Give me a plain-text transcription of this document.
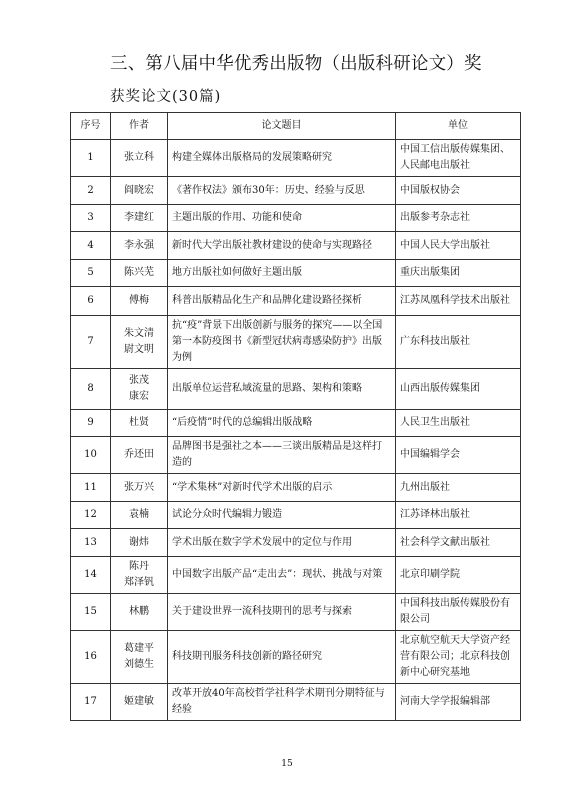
三、第八届中华优秀出版物（出版科研论文）奖
获奖论文(30篇)
序号	作者	论文题目	单位
1	张立科	构建全媒体出版格局的发展策略研究	中国工信出版传媒集团、人民邮电出版社
2	阎晓宏	《著作权法》颁布30年：历史、经验与反思	中国版权协会
3	李建红	主题出版的作用、功能和使命	出版参考杂志社
4	李永强	新时代大学出版社教材建设的使命与实现路径	中国人民大学出版社
5	陈兴芜	地方出版社如何做好主题出版	重庆出版集团
6	傅梅	科普出版精品化生产和品牌化建设路径探析	江苏凤凰科学技术出版社
7	朱文清
尉文明	抗“疫”背景下出版创新与服务的探究——以全国第一本防疫图书《新型冠状病毒感染防护》出版为例	广东科技出版社
8	张茂
康宏	出版单位运营私域流量的思路、架构和策略	山西出版传媒集团
9	杜贤	“后疫情”时代的总编辑出版战略	人民卫生出版社
10	乔还田	品牌图书是强社之本——三谈出版精品是这样打造的	中国编辑学会
11	张万兴	“学术集林”对新时代学术出版的启示	九州出版社
12	袁楠	试论分众时代编辑力锻造	江苏译林出版社
13	谢炜	学术出版在数字学术发展中的定位与作用	社会科学文献出版社
14	陈丹
郑泽钒	中国数字出版产品“走出去”：现状、挑战与对策	北京印刷学院
15	林鹏	关于建设世界一流科技期刊的思考与探索	中国科技出版传媒股份有限公司
16	葛建平
刘德生	科技期刊服务科技创新的路径研究	北京航空航天大学资产经营有限公司；北京科技创新中心研究基地
17	姬建敏	改革开放40年高校哲学社科学术期刊分期特征与经验	河南大学学报编辑部
15
